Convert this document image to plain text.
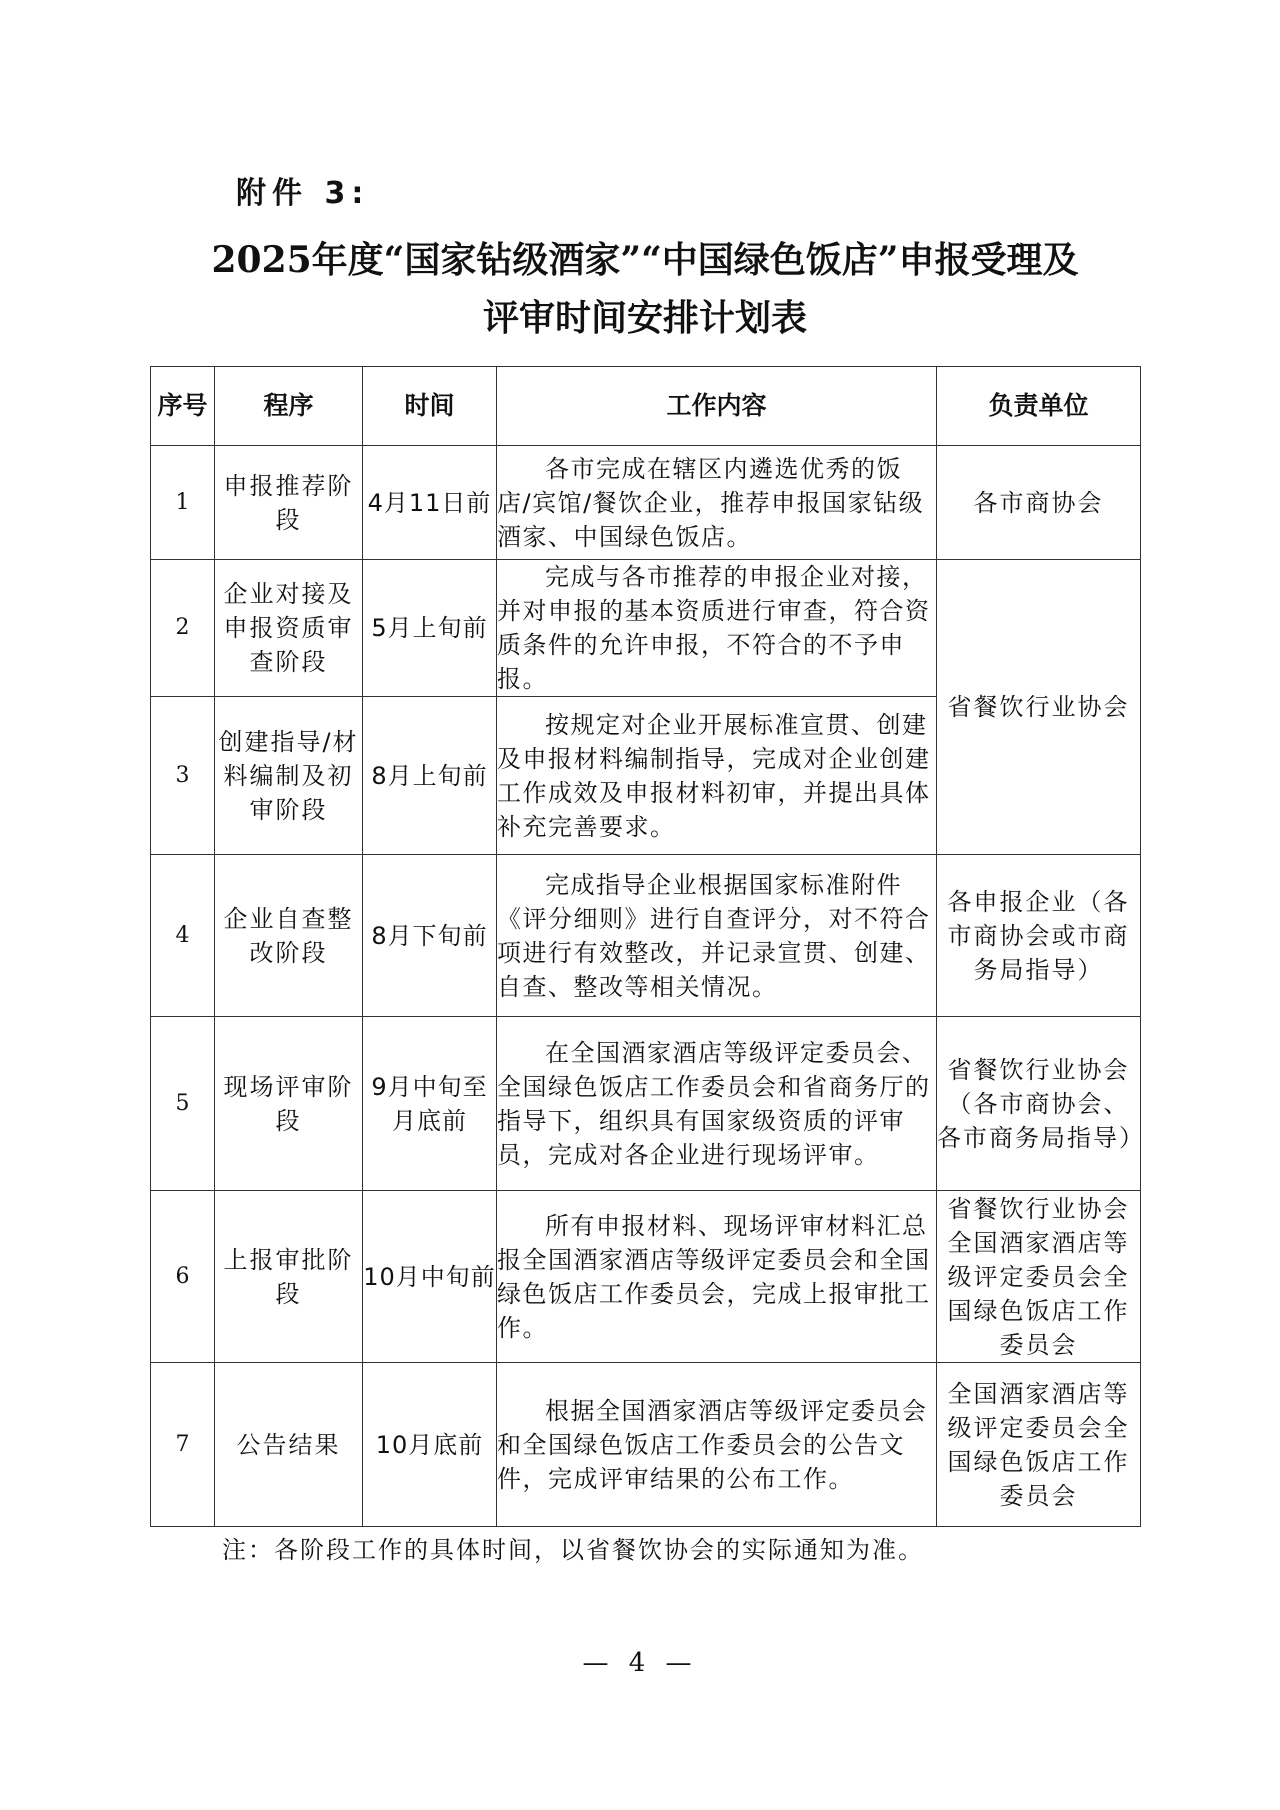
附件 3:
2025年度“国家钻级酒家”“中国绿色饭店”申报受理及
评审时间安排计划表
序号	程序	时间	工作内容	负责单位
1	申报推荐阶段	4月11日前	各市完成在辖区内遴选优秀的饭店/宾馆/餐饮企业，推荐申报国家钻级酒家、中国绿色饭店。	各市商协会
2	企业对接及申报资质审查阶段	5月上旬前	完成与各市推荐的申报企业对接，并对申报的基本资质进行审查，符合资质条件的允许申报，不符合的不予申报。	省餐饮行业协会
3	创建指导/材料编制及初审阶段	8月上旬前	按规定对企业开展标准宣贯、创建及申报材料编制指导，完成对企业创建工作成效及申报材料初审，并提出具体补充完善要求。	

4	企业自查整改阶段	8月下旬前	完成指导企业根据国家标准附件《评分细则》进行自查评分，对不符合项进行有效整改，并记录宣贯、创建、自查、整改等相关情况。	各申报企业（各市商协会或市商务局指导）
5	现场评审阶段	9月中旬至月底前	在全国酒家酒店等级评定委员会、全国绿色饭店工作委员会和省商务厅的指导下，组织具有国家级资质的评审员，完成对各企业进行现场评审。	省餐饮行业协会（各市商协会、各市商务局指导）
6	上报审批阶段	10月中旬前	所有申报材料、现场评审材料汇总报全国酒家酒店等级评定委员会和全国绿色饭店工作委员会，完成上报审批工作。	省餐饮行业协会全国酒家酒店等级评定委员会全国绿色饭店工作委员会
7	公告结果	10月底前	根据全国酒家酒店等级评定委员会和全国绿色饭店工作委员会的公告文件，完成评审结果的公布工作。	全国酒家酒店等级评定委员会全国绿色饭店工作委员会
注：各阶段工作的具体时间，以省餐饮协会的实际通知为准。
— 4 —
